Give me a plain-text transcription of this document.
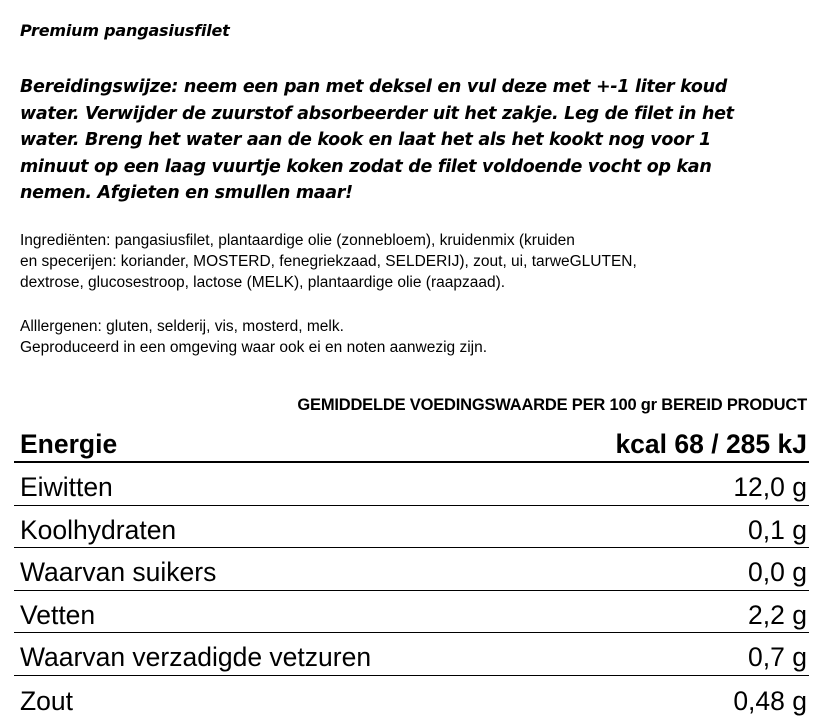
Premium pangasiusfilet
Bereidingswijze: neem een pan met deksel en vul deze met +-1 liter koud
water. Verwijder de zuurstof absorbeerder uit het zakje. Leg de filet in het
water. Breng het water aan de kook en laat het als het kookt nog voor 1
minuut op een laag vuurtje koken zodat de filet voldoende vocht op kan
nemen. Afgieten en smullen maar!
Ingrediënten: pangasiusfilet, plantaardige olie (zonnebloem), kruidenmix (kruiden
en specerijen: koriander, MOSTERD, fenegriekzaad, SELDERIJ), zout, ui, tarweGLUTEN,
dextrose, glucosestroop, lactose (MELK), plantaardige olie (raapzaad).
Alllergenen: gluten, selderij, vis, mosterd, melk.
Geproduceerd in een omgeving waar ook ei en noten aanwezig zijn.
GEMIDDELDE VOEDINGSWAARDE PER 100 gr BEREID PRODUCT
Energie	kcal 68 / 285 kJ
Eiwitten	12,0 g
Koolhydraten	0,1 g
Waarvan suikers	0,0 g
Vetten	2,2 g
Waarvan verzadigde vetzuren	0,7 g
Zout	0,48 g
